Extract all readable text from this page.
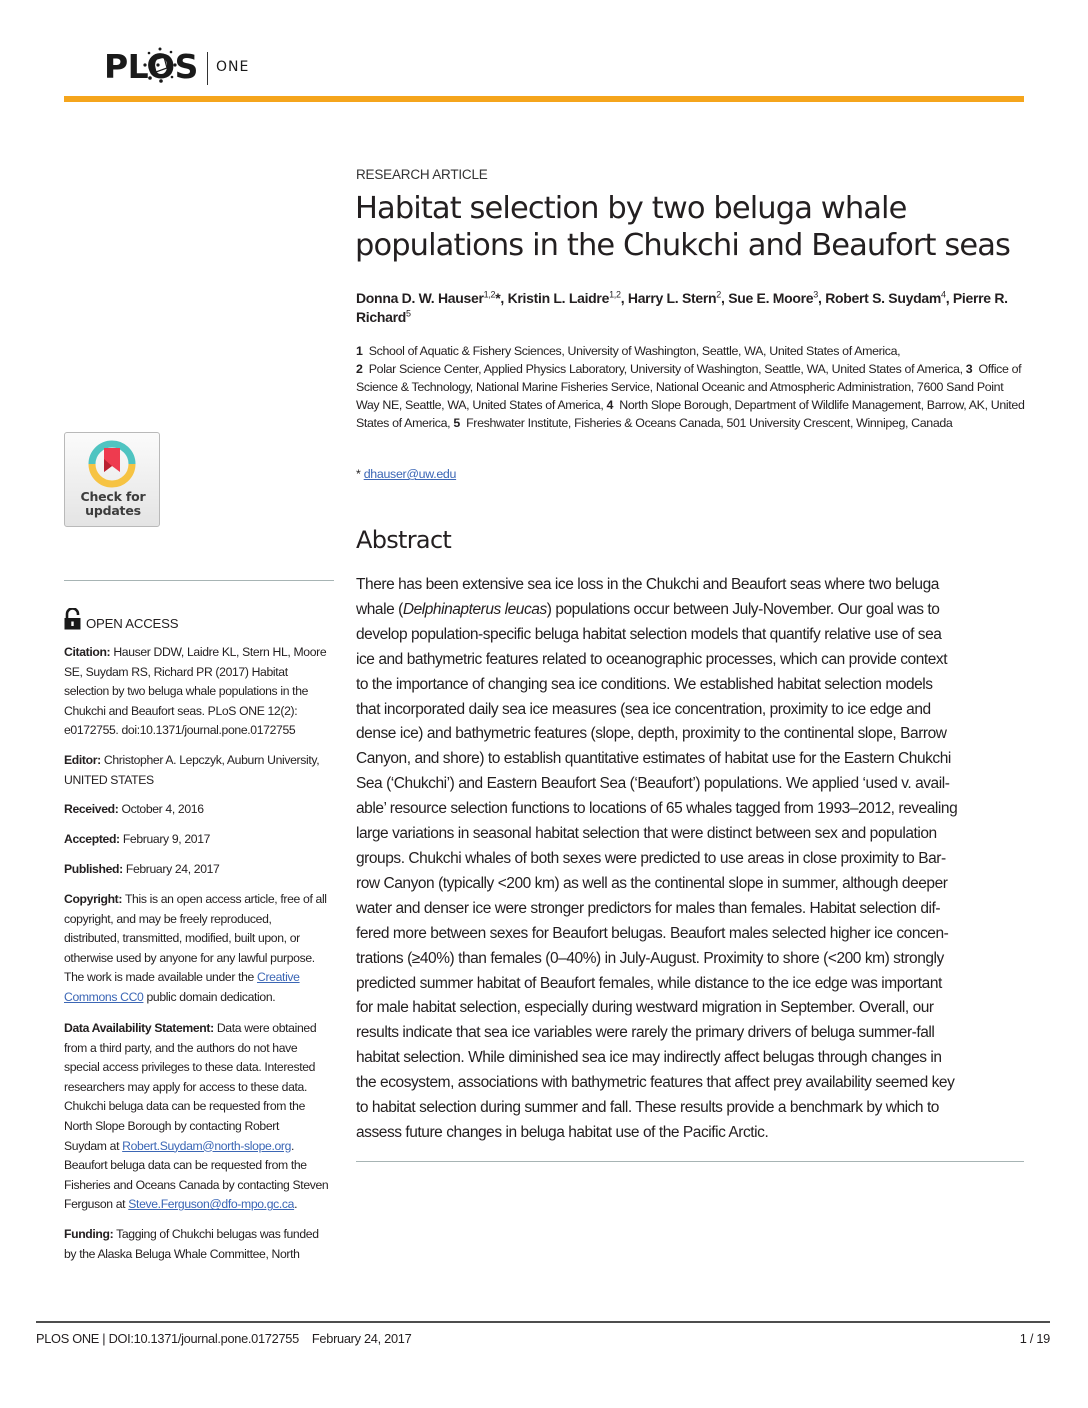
PLOS ONE
RESEARCH ARTICLE
Habitat selection by two beluga whale populations in the Chukchi and Beaufort seas
Donna D. W. Hauser$^{1,2}$*, Kristin L. Laidre$^{1,2}$, Harry L. Stern$^2$, Sue E. Moore$^3$, Robert S. Suydam$^4$, Pierre R. Richard$^5$
1 School of Aquatic & Fishery Sciences, University of Washington, Seattle, WA, United States of America,
2 Polar Science Center, Applied Physics Laboratory, University of Washington, Seattle, WA, United States of America, 3 Office of Science & Technology, National Marine Fisheries Service, National Oceanic and Atmospheric Administration, 7600 Sand Point Way NE, Seattle, WA, United States of America, 4 North Slope Borough, Department of Wildlife Management, Barrow, AK, United States of America, 5 Freshwater Institute, Fisheries & Oceans Canada, 501 University Crescent, Winnipeg, Canada
* dhauser@uw.edu
Abstract

There has been extensive sea ice loss in the Chukchi and Beaufort seas where two beluga

whale (Delphinapterus leucas) populations occur between July-November. Our goal was to

develop population-specific beluga habitat selection models that quantify relative use of sea

ice and bathymetric features related to oceanographic processes, which can provide context

to the importance of changing sea ice conditions. We established habitat selection models

that incorporated daily sea ice measures (sea ice concentration, proximity to ice edge and

dense ice) and bathymetric features (slope, depth, proximity to the continental slope, Barrow

Canyon, and shore) to establish quantitative estimates of habitat use for the Eastern Chukchi

Sea (‘Chukchi’) and Eastern Beaufort Sea (‘Beaufort’) populations. We applied ‘used v. avail-

able’ resource selection functions to locations of 65 whales tagged from 1993–2012, revealing

large variations in seasonal habitat selection that were distinct between sex and population

groups. Chukchi whales of both sexes were predicted to use areas in close proximity to Bar-

row Canyon (typically <200 km) as well as the continental slope in summer, although deeper

water and denser ice were stronger predictors for males than females. Habitat selection dif-

fered more between sexes for Beaufort belugas. Beaufort males selected higher ice concen-

trations (≥40%) than females (0–40%) in July-August. Proximity to shore (<200 km) strongly

predicted summer habitat of Beaufort females, while distance to the ice edge was important

for male habitat selection, especially during westward migration in September. Overall, our

results indicate that sea ice variables were rarely the primary drivers of beluga summer-fall

habitat selection. While diminished sea ice may indirectly affect belugas through changes in

the ecosystem, associations with bathymetric features that affect prey availability seemed key

to habitat selection during summer and fall. These results provide a benchmark by which to

assess future changes in beluga habitat use of the Pacific Arctic.

Check for
updates
OPEN ACCESS

Citation: Hauser DDW, Laidre KL, Stern HL, Moore

SE, Suydam RS, Richard PR (2017) Habitat

selection by two beluga whale populations in the

Chukchi and Beaufort seas. PLoS ONE 12(2):

e0172755. doi:10.1371/journal.pone.0172755

Editor: Christopher A. Lepczyk, Auburn University,

UNITED STATES

Received: October 4, 2016

Accepted: February 9, 2017

Published: February 24, 2017

Copyright: This is an open access article, free of all

copyright, and may be freely reproduced,

distributed, transmitted, modified, built upon, or

otherwise used by anyone for any lawful purpose.

The work is made available under the Creative

Commons CC0 public domain dedication.

Data Availability Statement: Data were obtained

from a third party, and the authors do not have

special access privileges to these data. Interested

researchers may apply for access to these data.

Chukchi beluga data can be requested from the

North Slope Borough by contacting Robert

Suydam at Robert.Suydam@north-slope.org.

Beaufort beluga data can be requested from the

Fisheries and Oceans Canada by contacting Steven

Ferguson at Steve.Ferguson@dfo-mpo.gc.ca.

Funding: Tagging of Chukchi belugas was funded

by the Alaska Beluga Whale Committee, North

PLOS ONE | DOI:10.1371/journal.pone.0172755    February 24, 2017	1 / 19
